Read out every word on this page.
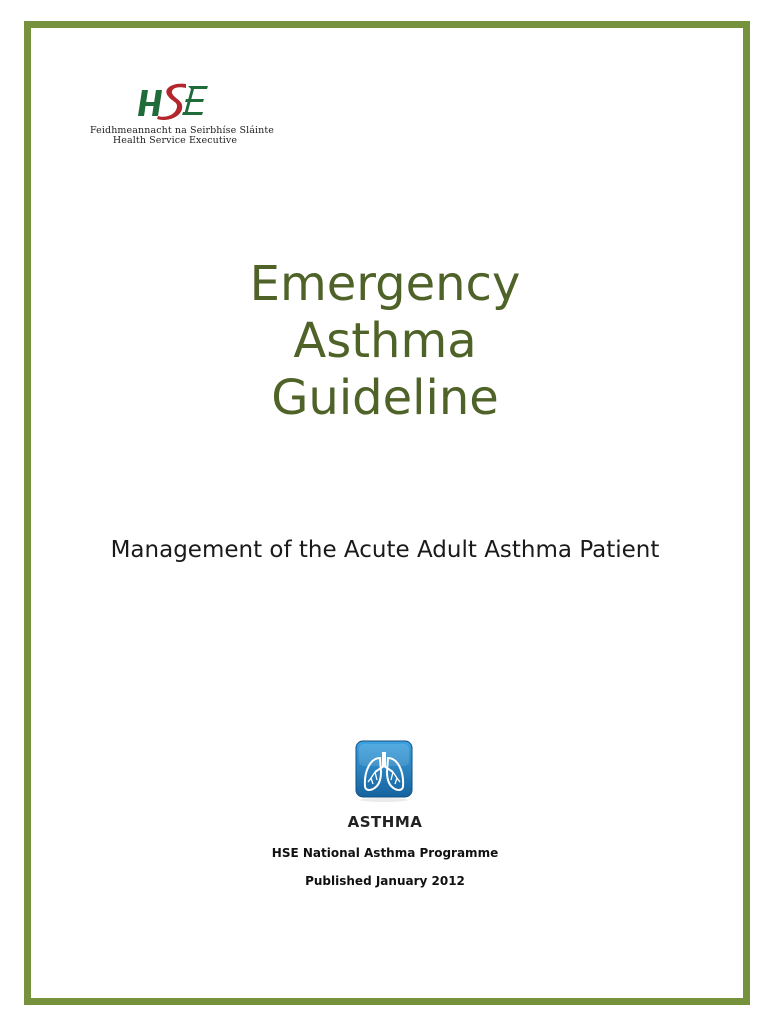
Feidhmeannacht na Seirbhíse Sláinte
Health Service Executive
Emergency
Asthma
Guideline
Management of the Acute Adult Asthma Patient
ASTHMA
HSE National Asthma Programme
Published January 2012
